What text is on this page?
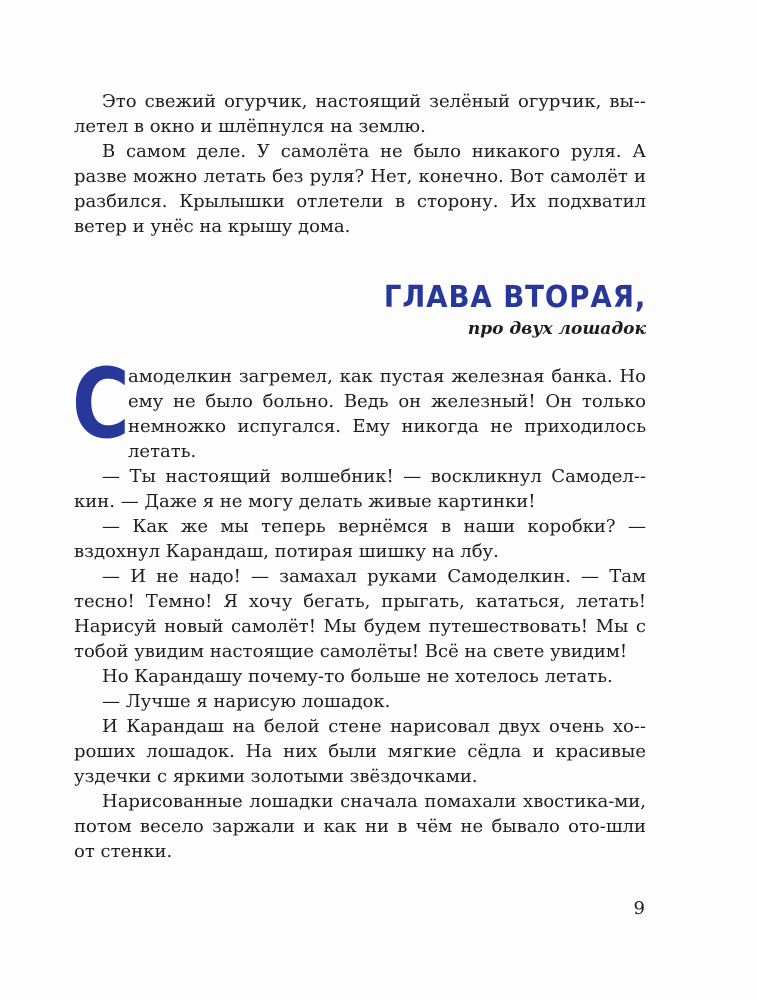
Это свежий огурчик, настоящий зелёный огурчик, вы-летел в окно и шлёпнулся на землю.

В самом деле. У самолёта не было никакого руля. А разве можно летать без руля? Нет, конечно. Вот самолёт и разбился. Крылышки отлетели в сторону. Их подхватил ветер и унёс на крышу дома.

ГЛАВА ВТОРАЯ,
про двух лошадок

С
амоделкин загремел, как пустая железная банка. Но ему не было больно. Ведь он железный! Он только немножко испугался. Ему никогда не приходилось летать.

— Ты настоящий волшебник! — воскликнул Самодел-кин. — Даже я не могу делать живые картинки!

— Как же мы теперь вернёмся в наши коробки? — вздохнул Карандаш, потирая шишку на лбу.

— И не надо! — замахал руками Самоделкин. — Там тесно! Темно! Я хочу бегать, прыгать, кататься, летать! Нарисуй новый самолёт! Мы будем путешествовать! Мы с тобой увидим настоящие самолёты! Всё на свете увидим!

Но Карандашу почему-то больше не хотелось летать.

— Лучше я нарисую лошадок.

И Карандаш на белой стене нарисовал двух очень хо-роших лошадок. На них были мягкие сёдла и красивые уздечки с яркими золотыми звёздочками.

Нарисованные лошадки сначала помахали хвостика-ми, потом весело заржали и как ни в чём не бывало ото-шли от стенки.

9
